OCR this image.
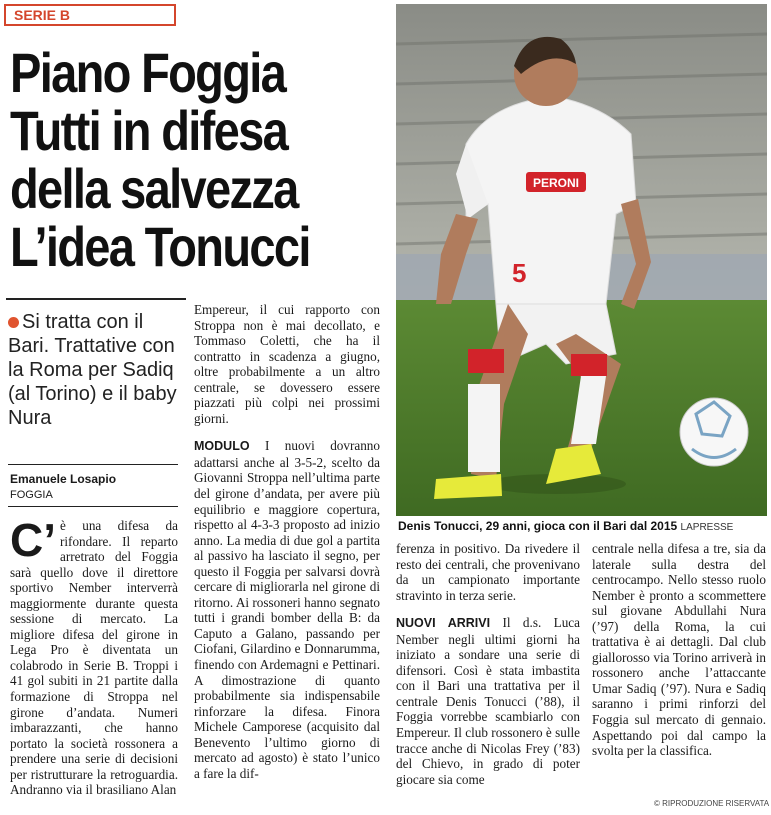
SERIE B
Piano Foggia
Tutti in difesa
della salvezza
L’idea Tonucci
Si tratta con il Bari. Trattative con la Roma per Sadiq (al Torino) e il baby Nura
Emanuele Losapio
FOGGIA
C’ è una difesa da rifondare. Il reparto arretrato del Foggia sarà quello dove il direttore sportivo Nember interverrà maggiormente durante questa sessione di mercato. La migliore difesa del girone in Lega Pro è diventata un colabrodo in Serie B. Troppi i 41 gol subiti in 21 partite dalla formazione di Stroppa nel girone d’andata. Numeri imbarazzanti, che hanno portato la società rossonera a prendere una serie di decisioni per ristrutturare la retroguardia. Andranno via il brasiliano Alan

Empereur, il cui rapporto con Stroppa non è mai decollato, e Tommaso Coletti, che ha il contratto in scadenza a giugno, oltre probabilmente a un altro centrale, se dovessero essere piazzati più colpi nei prossimi giorni.

MODULO I nuovi dovranno adattarsi anche al 3-5-2, scelto da Giovanni Stroppa nell’ultima parte del girone d’andata, per avere più equilibrio e maggiore copertura, rispetto al 4-3-3 proposto ad inizio anno. La media di due gol a partita al passivo ha lasciato il segno, per questo il Foggia per salvarsi dovrà cercare di migliorarla nel girone di ritorno. Ai rossoneri hanno segnato tutti i grandi bomber della B: da Caputo a Galano, passando per Ciofani, Gilardino e Donnarumma, finendo con Ardemagni e Pettinari. A dimostrazione di quanto probabilmente sia indispensabile rinforzare la difesa. Finora Michele Camporese (acquisito dal Benevento l’ultimo giorno di mercato ad agosto) è stato l’unico a fare la dif-

5
PERONI
Denis Tonucci, 29 anni, gioca con il Bari dal 2015 LAPRESSE

ferenza in positivo. Da rivedere il resto dei centrali, che provenivano da un campionato importante stravinto in terza serie.

NUOVI ARRIVI Il d.s. Luca Nember negli ultimi giorni ha iniziato a sondare una serie di difensori. Così è stata imbastita con il Bari una trattativa per il centrale Denis Tonucci (’88), il Foggia vorrebbe scambiarlo con Empereur. Il club rossonero è sulle tracce anche di Nicolas Frey (’83) del Chievo, in grado di poter giocare sia come

centrale nella difesa a tre, sia da laterale sulla destra del centrocampo. Nello stesso ruolo Nember è pronto a scommettere sul giovane Abdullahi Nura (’97) della Roma, la cui trattativa è ai dettagli. Dal club giallorosso via Torino arriverà in rossonero anche l’attaccante Umar Sadiq (’97). Nura e Sadiq saranno i primi rinforzi del Foggia sul mercato di gennaio. Aspettando poi dal campo la svolta per la classifica.

© RIPRODUZIONE RISERVATA
